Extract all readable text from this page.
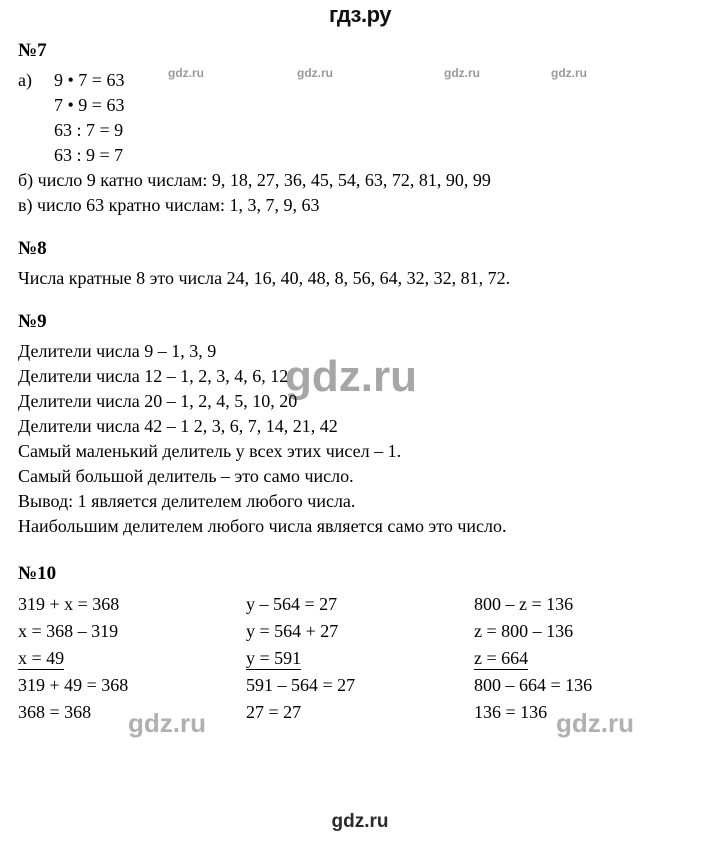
гдз.ру
gdz.ru	gdz.ru	gdz.ru	gdz.ru
gdz.ru
gdz.ru	gdz.ru
№7
а)	9 • 7 = 63
7 • 9 = 63
63 : 7 = 9
63 : 9 = 7
б) число 9 катно числам: 9, 18, 27, 36, 45, 54, 63, 72, 81, 90, 99
в) число 63 кратно числам: 1, 3, 7, 9, 63
№8
Числа кратные 8 это числа 24, 16, 40, 48, 8, 56, 64, 32, 32, 81, 72.
№9
Делители числа 9 – 1, 3, 9
Делители числа 12 – 1, 2, 3, 4, 6, 12
Делители числа 20 – 1, 2, 4, 5, 10, 20
Делители числа 42 – 1 2, 3, 6, 7, 14, 21, 42
Самый маленький делитель у всех этих чисел – 1.
Самый большой делитель – это само число.
Вывод: 1 является делителем любого числа.
Наибольшим делителем любого числа является само это число.
№10
319 + x = 368
x = 368 – 319
x = 49
319 + 49 = 368
368 = 368
y – 564 = 27
y = 564 + 27
y = 591
591 – 564 = 27
27 = 27
800 – z = 136
z = 800 – 136
z = 664
800 – 664 = 136
136 = 136
gdz.ru
